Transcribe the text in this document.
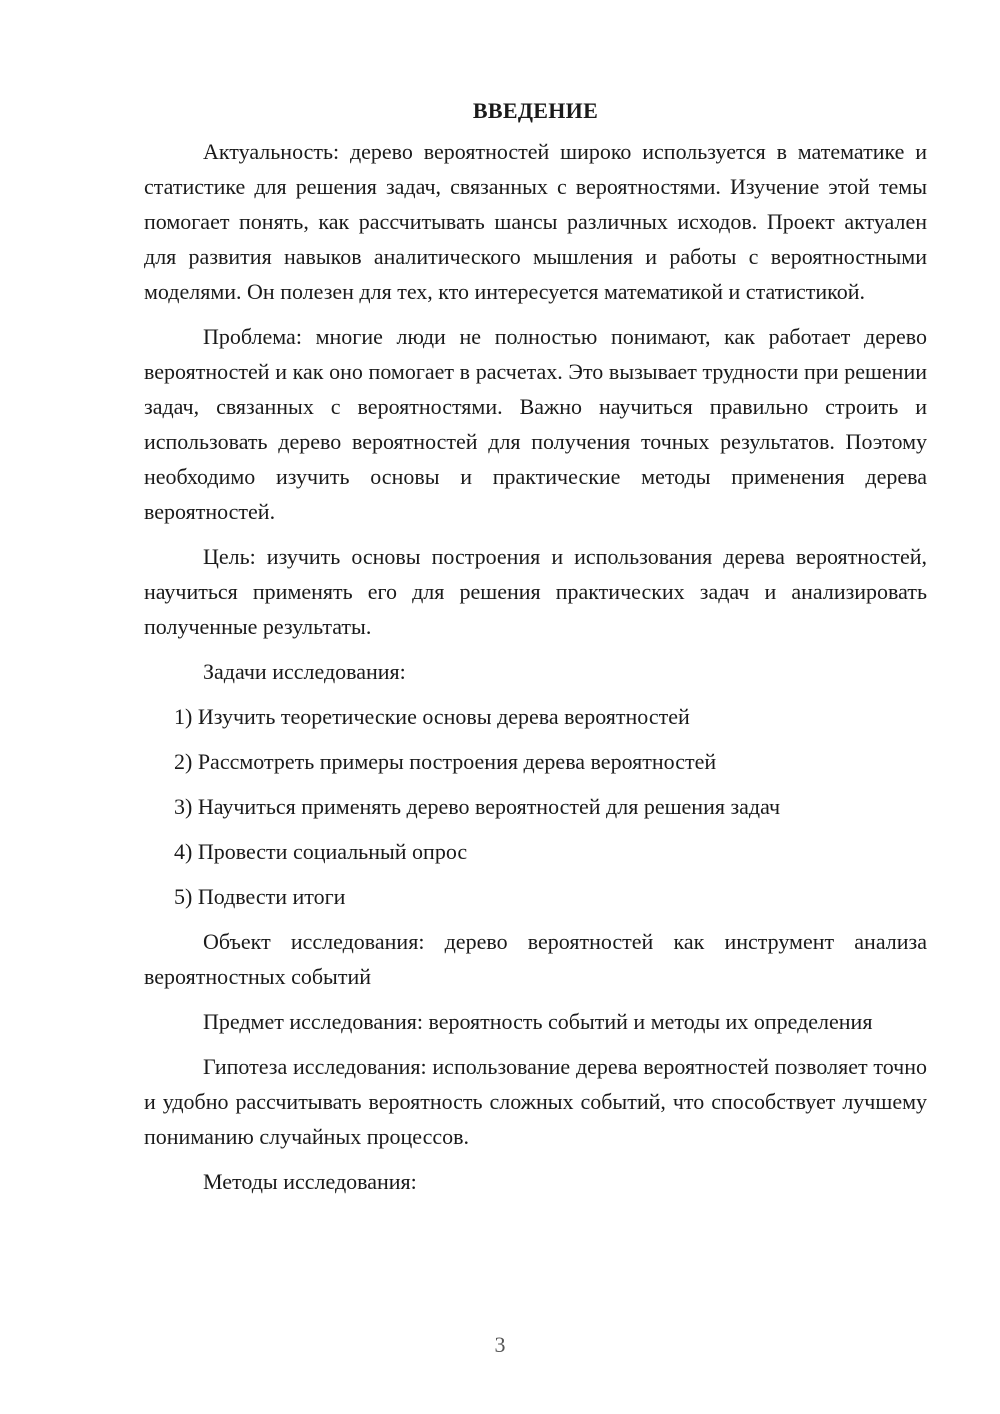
ВВЕДЕНИЕ

Актуальность: дерево вероятностей широко используется в математике и статистике для решения задач, связанных с вероятностями. Изучение этой темы помогает понять, как рассчитывать шансы различных исходов. Проект актуален для развития навыков аналитического мышления и работы с вероятностными моделями. Он полезен для тех, кто интересуется математикой и статистикой.

Проблема: многие люди не полностью понимают, как работает дерево вероятностей и как оно помогает в расчетах. Это вызывает трудности при решении задач, связанных с вероятностями. Важно научиться правильно строить и использовать дерево вероятностей для получения точных результатов. Поэтому необходимо изучить основы и практические методы применения дерева вероятностей.

Цель: изучить основы построения и использования дерева вероятностей, научиться применять его для решения практических задач и анализировать полученные результаты.

Задачи исследования:

1) Изучить теоретические основы дерева вероятностей
2) Рассмотреть примеры построения дерева вероятностей
3) Научиться применять дерево вероятностей для решения задач
4) Провести социальный опрос
5) Подвести итоги

Объект исследования: дерево вероятностей как инструмент анализа вероятностных событий

Предмет исследования: вероятность событий и методы их определения

Гипотеза исследования: использование дерева вероятностей позволяет точно и удобно рассчитывать вероятность сложных событий, что способствует лучшему пониманию случайных процессов.

Методы исследования:

3
